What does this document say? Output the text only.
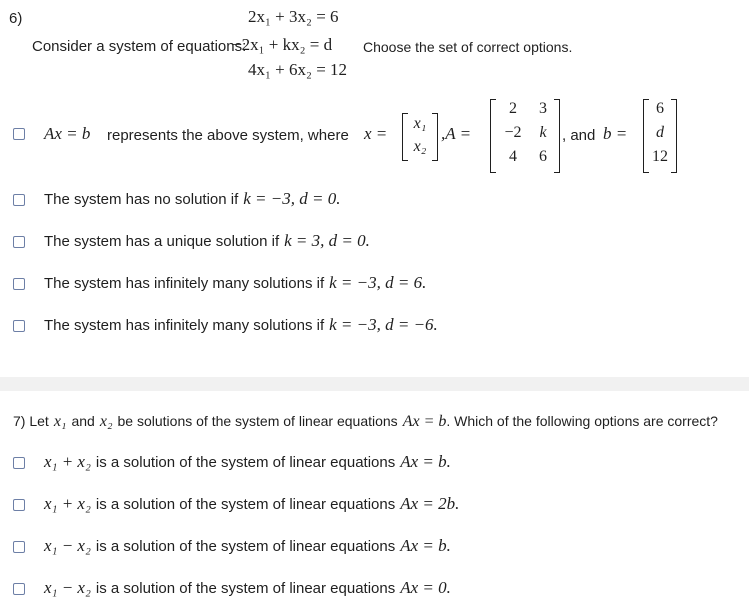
6)	2x₁ + 3x₂ = 6
Consider a system of equations:
−2x₁ + kx₂ = d Choose the set of correct options.
4x₁ + 6x₂ = 12
Ax = b represents the above system, where x =
x₁
x₂
,A =
2	3
−2	k
4	6
, and b =
6
d
12
The system has no solution if k = −3, d = 0.
The system has a unique solution if k = 3, d = 0.
The system has infinitely many solutions if k = −3, d = 6.
The system has infinitely many solutions if k = −3, d = −6.
7) Let x₁ and x₂ be solutions of the system of linear equations Ax = b . Which of the following options are correct?
x₁ + x₂ is a solution of the system of linear equations Ax = b.
x₁ + x₂ is a solution of the system of linear equations Ax = 2b.
x₁ − x₂ is a solution of the system of linear equations Ax = b.
x₁ − x₂ is a solution of the system of linear equations Ax = 0.
